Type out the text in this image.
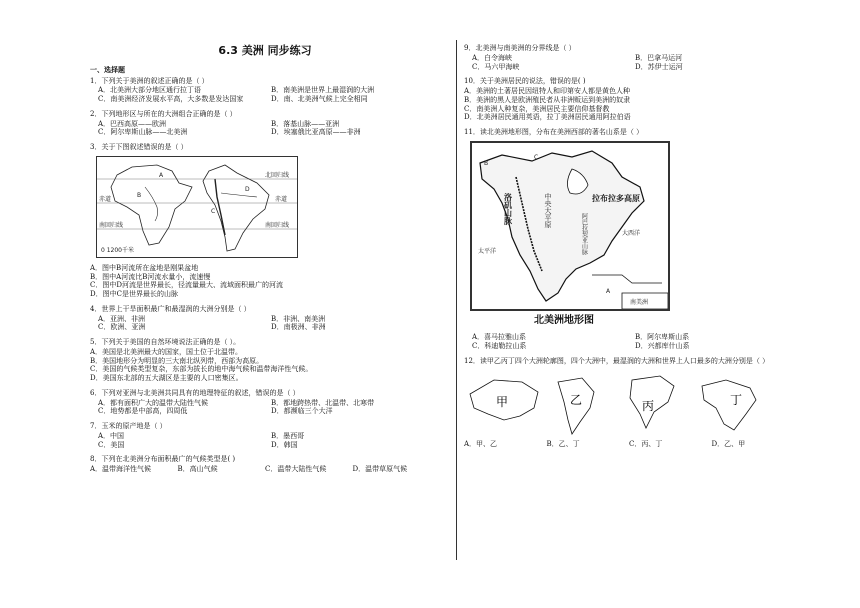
6.3 美洲 同步练习
一、选择题
1．下列关于美洲的叙述正确的是（ ）
A．北美洲大部分地区通行拉丁语	B．南美洲是世界上最湿润的大洲
C．南美洲经济发展水平高，大多数是发达国家	D．南、北美洲气候上完全相同
2．下列地形区与所在的大洲组合正确的是（ ）
A．巴西高原——欧洲	B．落基山脉——亚洲
C．阿尔卑斯山脉——北美洲	D．埃塞俄比亚高原——非洲
3．关于下图叙述错误的是（ ）
北回归线
赤道	赤道
南回归线	南回归线
0 1200千米
A
B
C
D
A．图中B河流所在盆地是刚果盆地
B．图中A河流比B河流水量小，流速慢
C．图中D河流是世界最长，径流量最大、流域面积最广的河流
D．图中C是世界最长的山脉
4．世界上干旱面积最广和最湿润的大洲分别是（ ）
A．亚洲、非洲	B．非洲、南美洲
C．欧洲、亚洲	D．南极洲、非洲
5．下列关于美国的自然环境说法正确的是（ ）。
A．美国是北美洲最大的国家，国土位于北温带。
B．美国地形分为明显的三大南北纵列带，西部为高原。
C．美国的气候类型复杂，东部为拔长的地中海气候和温带海洋性气候。
D．美国东北部的五大湖区是主要的人口密集区。
6．下列对亚洲与北美洲共同具有的地理特征的叙述，错误的是（ ）
A．都有面积广大的温带大陆性气候	B．都地跨热带、北温带、北寒带
C．地势都是中部高，四周低	D．都濒临三个大洋
7．玉米的原产地是（ ）
A．中国	B．墨西哥
C．美国	D．韩国
8．下列在北美洲分布面积最广的气候类型是( )
A．温带海洋性气候	B．高山气候	C．温带大陆性气候	D．温带草原气候
9．北美洲与南美洲的分界线是（ ）
A．白令海峡	B．巴拿马运河
C．马六甲海峡	D．苏伊士运河
10．关于美洲居民的说法，错误的是( )
A．美洲的土著居民因纽特人和印第安人都是黄色人种
B．美洲的黑人是欧洲殖民者从非洲贩运到美洲的奴隶
C．南美洲人种复杂，美洲居民主要信仰基督教
D．北美洲居民通用英语，拉丁美洲居民通用阿拉伯语
11．读北美洲地形图，分布在美洲西部的著名山系是（ ）
B
C
A
洛矶山脉	中央大平原	拉布拉多高原
阿巴拉契亚山脉	大西洋
太平洋
南美洲
北美洲地形图
A．喜马拉雅山系	B．阿尔卑斯山系
C．科迪勒拉山系	D．兴都库什山系
12．读甲乙丙丁四个大洲轮廓图，四个大洲中，最湿润的大洲和世界上人口最多的大洲分别是（ ）
甲	乙	丙	丁
A．甲、乙	B．乙、丁	C．丙、丁	D．乙、甲
